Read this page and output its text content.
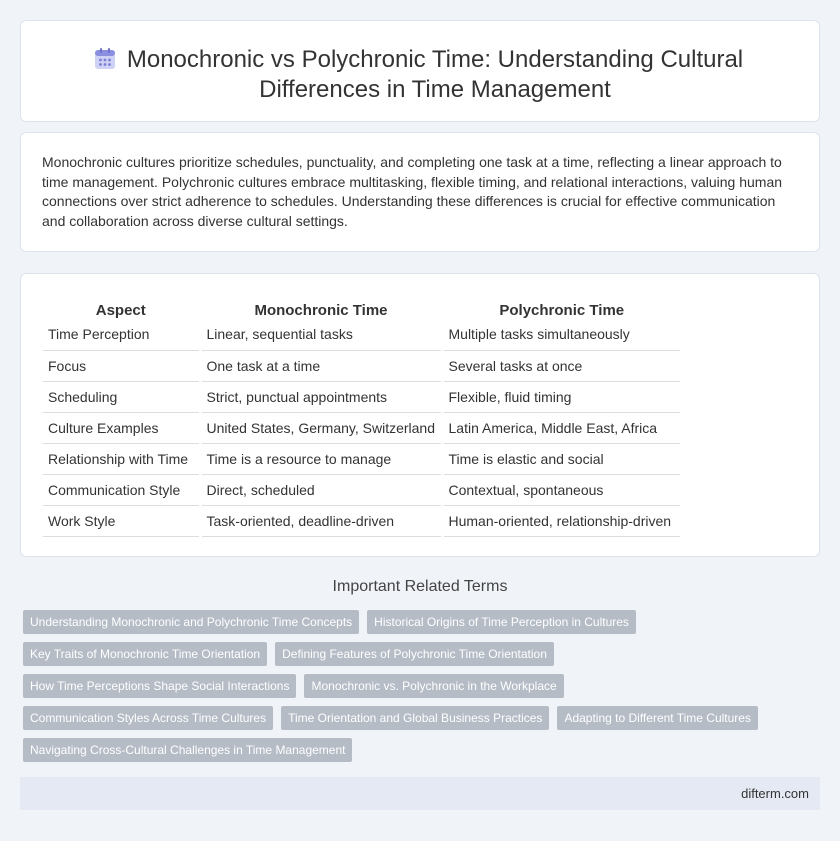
Monochronic vs Polychronic Time: Understanding Cultural Differences in Time Management

Monochronic cultures prioritize schedules, punctuality, and completing one task at a time, reflecting a linear approach to time management. Polychronic cultures embrace multitasking, flexible timing, and relational interactions, valuing human connections over strict adherence to schedules. Understanding these differences is crucial for effective communication and collaboration across diverse cultural settings.

Aspect	Monochronic Time	Polychronic Time
Time Perception	Linear, sequential tasks	Multiple tasks simultaneously
Focus	One task at a time	Several tasks at once
Scheduling	Strict, punctual appointments	Flexible, fluid timing
Culture Examples	United States, Germany, Switzerland	Latin America, Middle East, Africa
Relationship with Time	Time is a resource to manage	Time is elastic and social
Communication Style	Direct, scheduled	Contextual, spontaneous
Work Style	Task-oriented, deadline-driven	Human-oriented, relationship-driven
Important Related Terms
Understanding Monochronic and Polychronic Time Concepts	Historical Origins of Time Perception in Cultures
Key Traits of Monochronic Time Orientation	Defining Features of Polychronic Time Orientation
How Time Perceptions Shape Social Interactions	Monochronic vs. Polychronic in the Workplace
Communication Styles Across Time Cultures	Time Orientation and Global Business Practices	Adapting to Different Time Cultures
Navigating Cross-Cultural Challenges in Time Management
difterm.com
